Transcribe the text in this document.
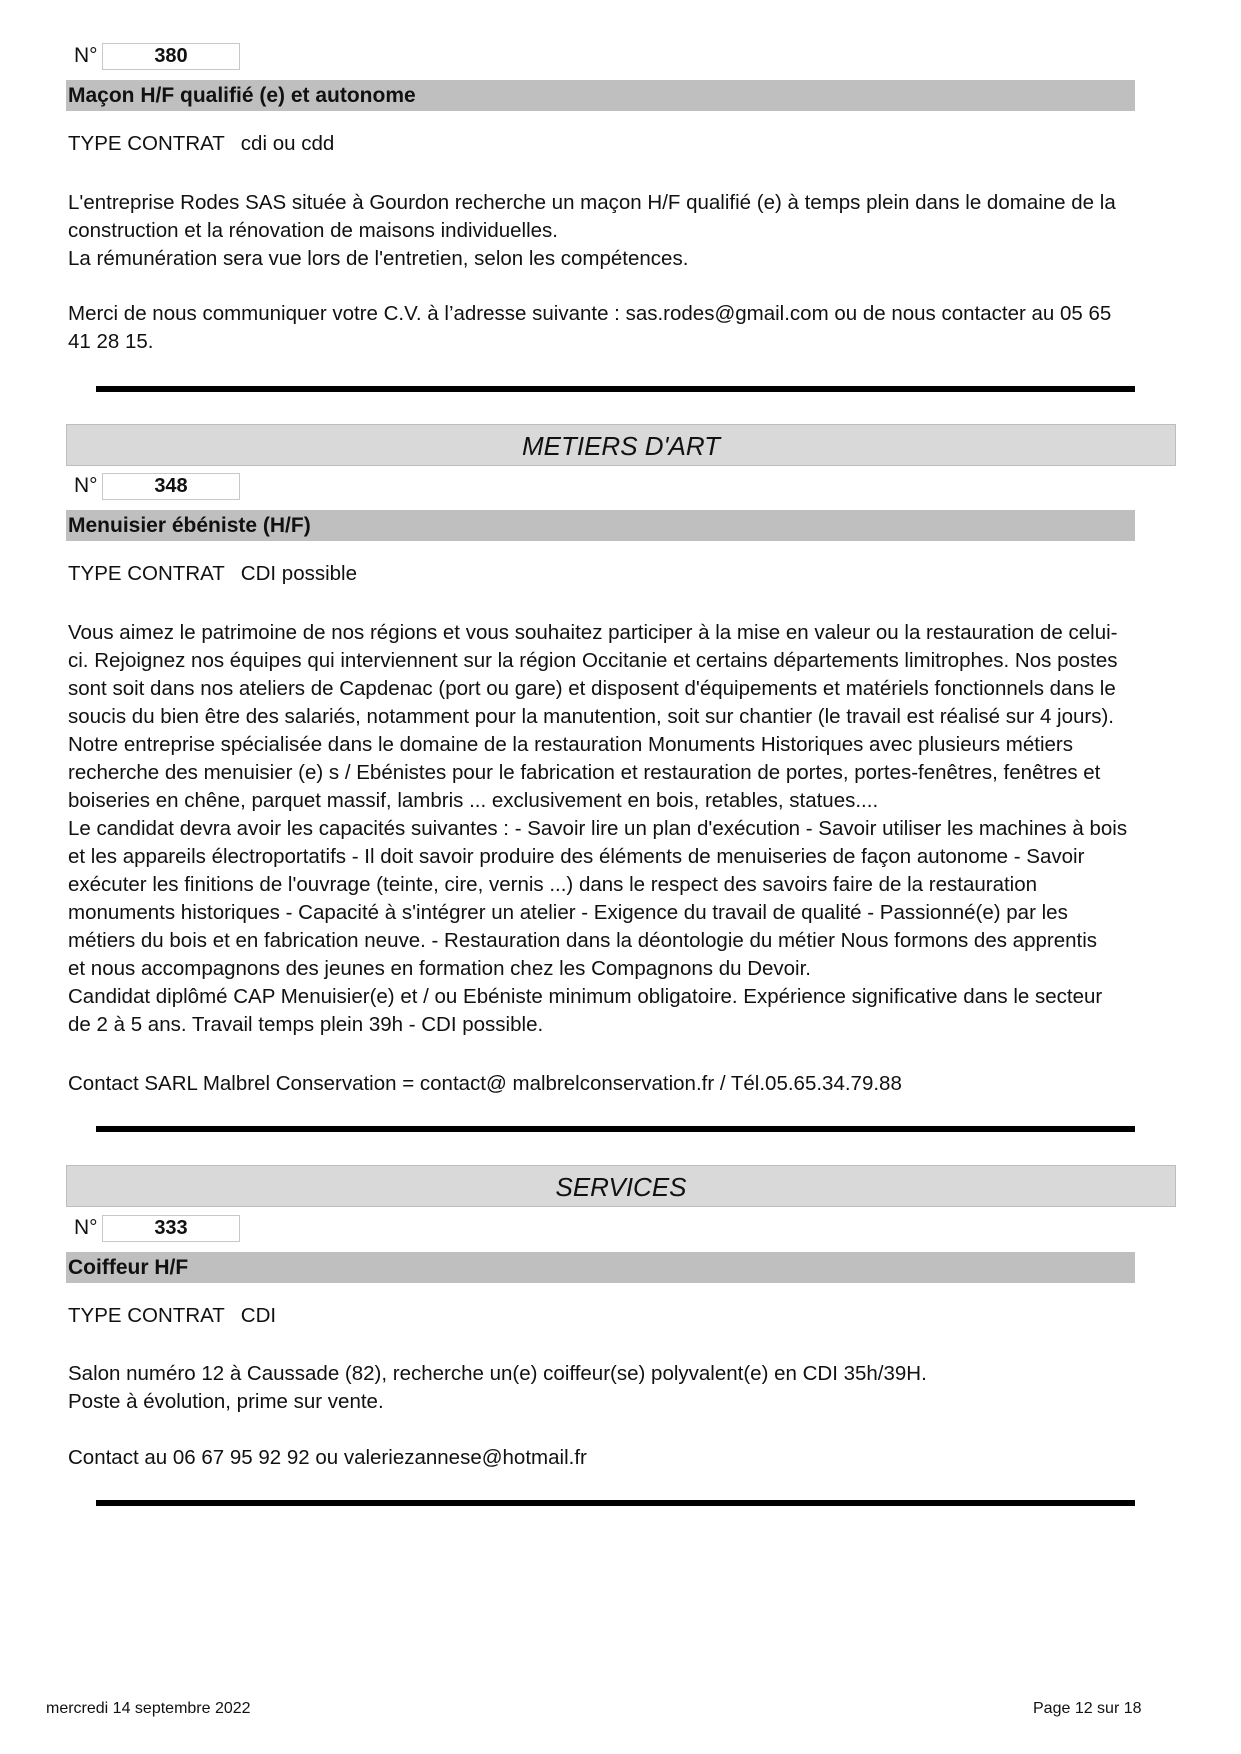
N°	380
Maçon H/F qualifié (e) et autonome
TYPE CONTRAT cdi ou cdd
L'entreprise Rodes SAS située à Gourdon recherche un maçon H/F qualifié (e) à temps plein dans le domaine de la
construction et la rénovation de maisons individuelles.
La rémunération sera vue lors de l'entretien, selon les compétences.
Merci de nous communiquer votre C.V. à l’adresse suivante : sas.rodes@gmail.com ou de nous contacter au 05 65
41 28 15.
METIERS D'ART
N°	348
Menuisier ébéniste (H/F)
TYPE CONTRAT CDI possible
Vous aimez le patrimoine de nos régions et vous souhaitez participer à la mise en valeur ou la restauration de celui-
ci. Rejoignez nos équipes qui interviennent sur la région Occitanie et certains départements limitrophes. Nos postes
sont soit dans nos ateliers de Capdenac (port ou gare) et disposent d'équipements et matériels fonctionnels dans le
soucis du bien être des salariés, notamment pour la manutention, soit sur chantier (le travail est réalisé sur 4 jours).
Notre entreprise spécialisée dans le domaine de la restauration Monuments Historiques avec plusieurs métiers
recherche des menuisier (e) s / Ebénistes pour le fabrication et restauration de portes, portes-fenêtres, fenêtres et
boiseries en chêne, parquet massif, lambris ... exclusivement en bois, retables, statues....
Le candidat devra avoir les capacités suivantes : - Savoir lire un plan d'exécution - Savoir utiliser les machines à bois
et les appareils électroportatifs - Il doit savoir produire des éléments de menuiseries de façon autonome - Savoir
exécuter les finitions de l'ouvrage (teinte, cire, vernis ...) dans le respect des savoirs faire de la restauration
monuments historiques - Capacité à s'intégrer un atelier - Exigence du travail de qualité - Passionné(e) par les
métiers du bois et en fabrication neuve. - Restauration dans la déontologie du métier Nous formons des apprentis
et nous accompagnons des jeunes en formation chez les Compagnons du Devoir.
Candidat diplômé CAP Menuisier(e) et / ou Ebéniste minimum obligatoire. Expérience significative dans le secteur
de 2 à 5 ans. Travail temps plein 39h - CDI possible.
Contact SARL Malbrel Conservation = contact@ malbrelconservation.fr / Tél.05.65.34.79.88
SERVICES
N°	333
Coiffeur H/F
TYPE CONTRAT CDI
Salon numéro 12 à Caussade (82), recherche un(e) coiffeur(se) polyvalent(e) en CDI 35h/39H.
Poste à évolution, prime sur vente.
Contact au 06 67 95 92 92 ou valeriezannese@hotmail.fr
mercredi 14 septembre 2022	Page 12 sur 18
